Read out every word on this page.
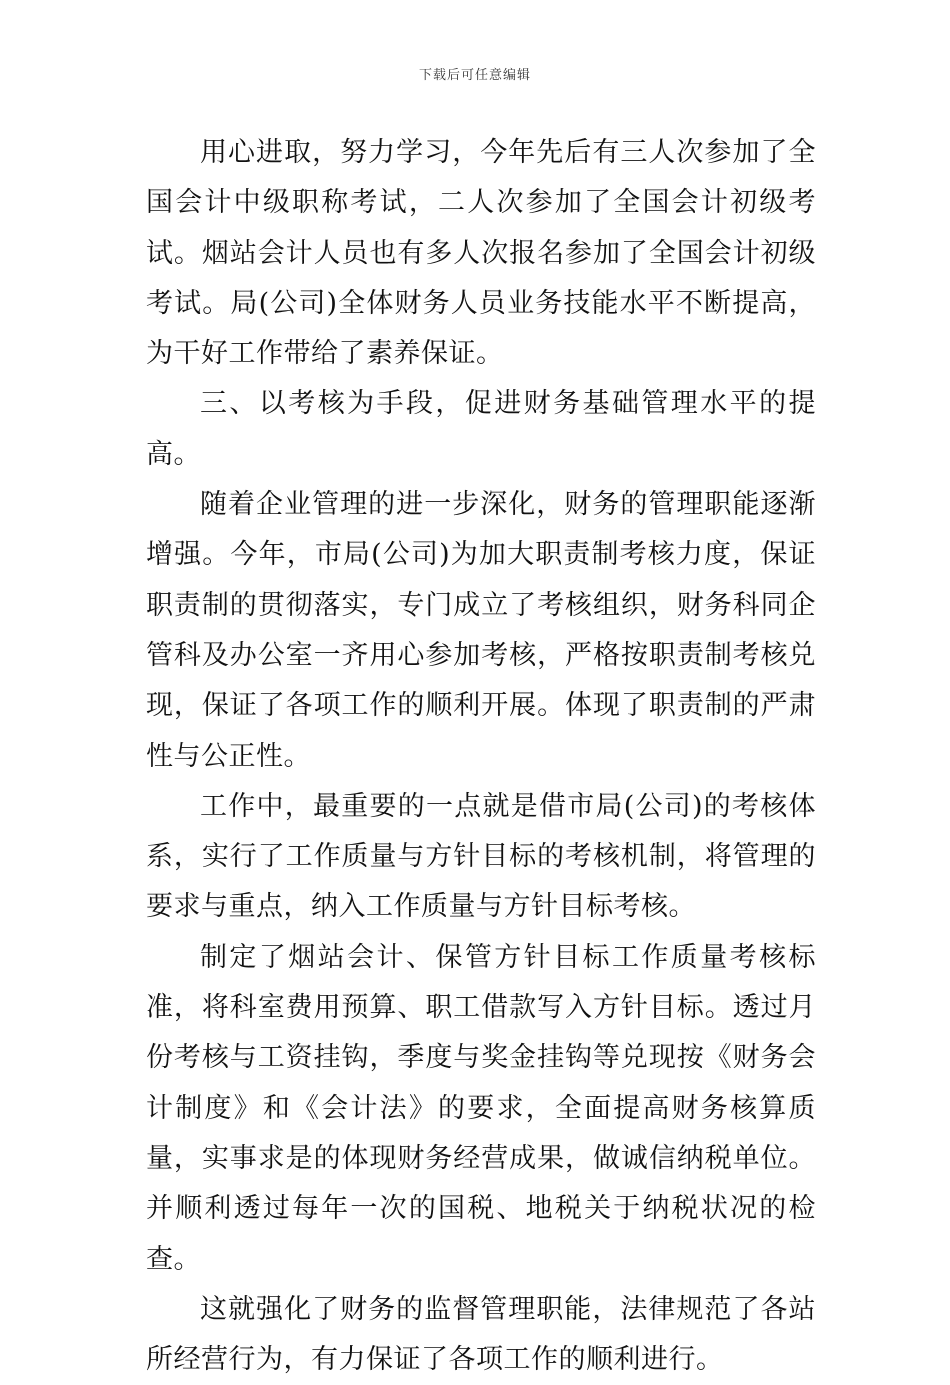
下载后可任意编辑

用心进取，努力学习，今年先后有三人次参加了全国会计中级职称考试，二人次参加了全国会计初级考试。烟站会计人员也有多人次报名参加了全国会计初级考试。局(公司)全体财务人员业务技能水平不断提高，为干好工作带给了素养保证。

三、以考核为手段，促进财务基础管理水平的提高。

随着企业管理的进一步深化，财务的管理职能逐渐增强。今年，市局(公司)为加大职责制考核力度，保证职责制的贯彻落实，专门成立了考核组织，财务科同企管科及办公室一齐用心参加考核，严格按职责制考核兑现，保证了各项工作的顺利开展。体现了职责制的严肃性与公正性。

工作中，最重要的一点就是借市局(公司)的考核体系，实行了工作质量与方针目标的考核机制，将管理的要求与重点，纳入工作质量与方针目标考核。

制定了烟站会计、保管方针目标工作质量考核标准，将科室费用预算、职工借款写入方针目标。透过月份考核与工资挂钩，季度与奖金挂钩等兑现按《财务会计制度》和《会计法》的要求，全面提高财务核算质量，实事求是的体现财务经营成果，做诚信纳税单位。并顺利透过每年一次的国税、地税关于纳税状况的检查。

这就强化了财务的监督管理职能，法律规范了各站所经营行为，有力保证了各项工作的顺利进行。
